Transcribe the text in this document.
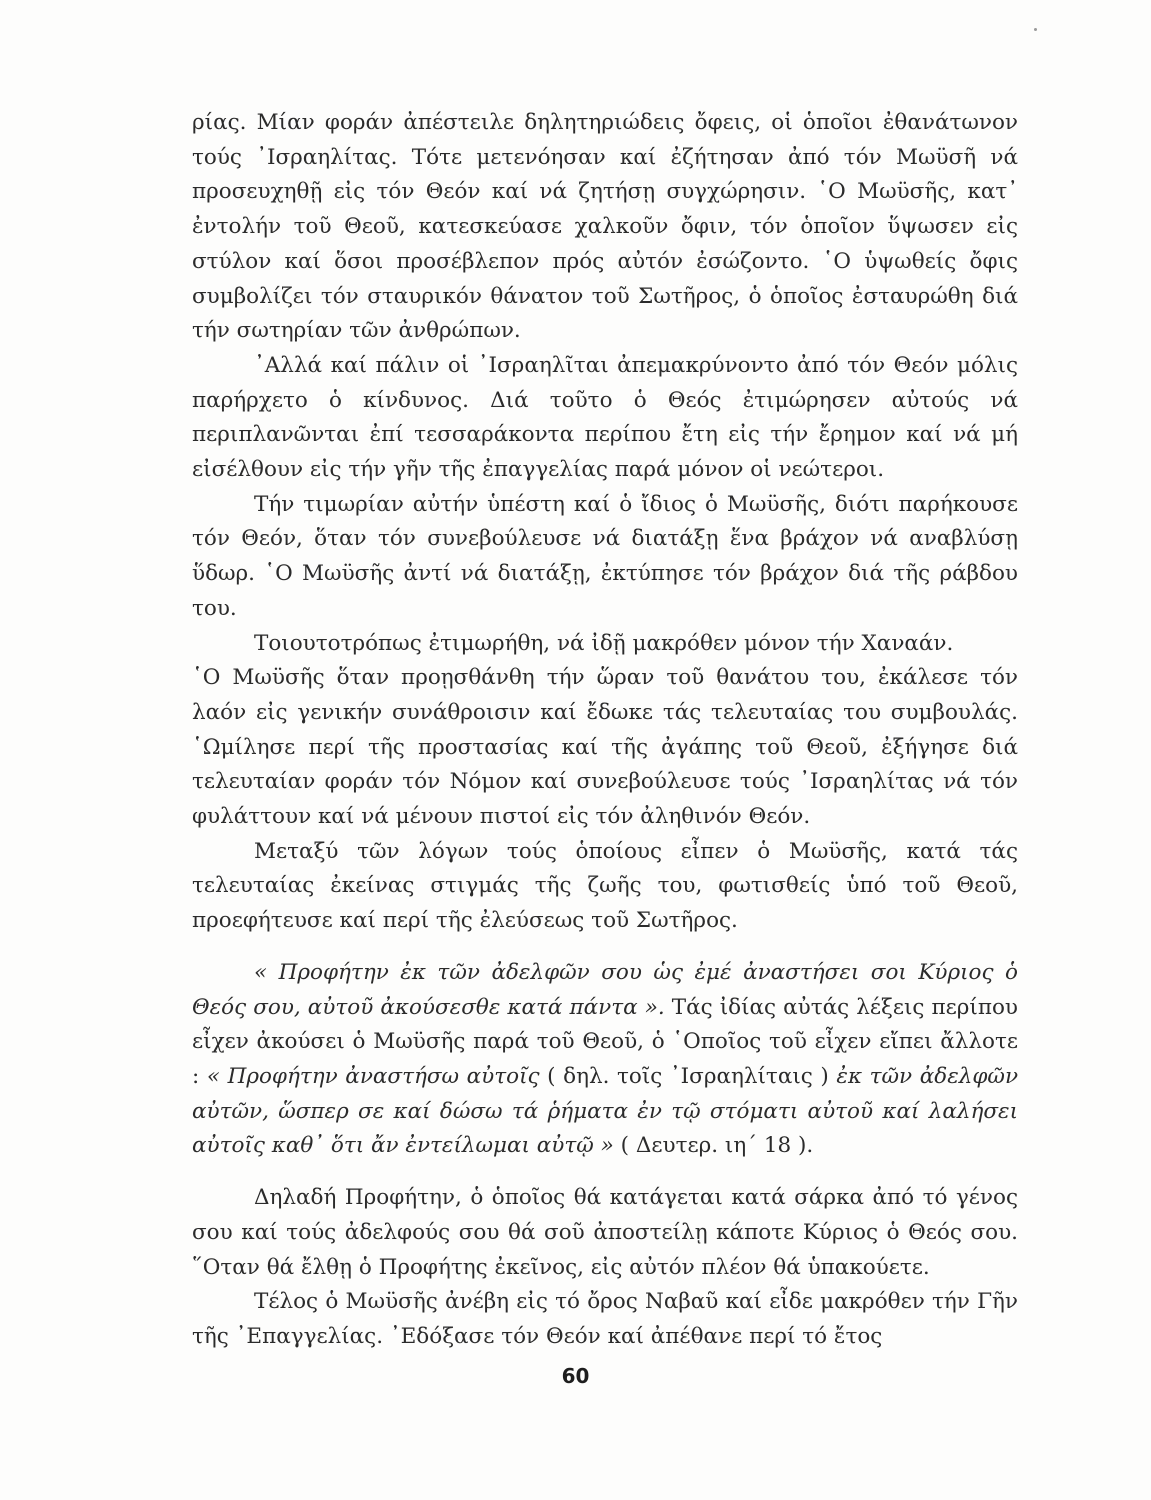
ρίας. Μίαν φοράν ἀπέστειλε δηλητηριώδεις ὄφεις, οἱ ὁποῖοι ἐθανάτωνον τούς ᾿Ισραηλίτας. Τότε μετενόησαν καί ἐζήτησαν ἀπό τόν Μωϋσῆ νά προσευχηθῇ εἰς τόν Θεόν καί νά ζητήσῃ συγχώρησιν. ῾Ο Μωϋσῆς, κατ᾿ ἐντολήν τοῦ Θεοῦ, κατεσκεύασε χαλκοῦν ὄφιν, τόν ὁποῖον ὕψωσεν εἰς στύλον καί ὅσοι προσέβλεπον πρός αὐτόν ἐσώζοντο. ῾Ο ὑψωθείς ὄφις συμβολίζει τόν σταυρικόν θάνατον τοῦ Σωτῆρος, ὁ ὁποῖος ἐσταυρώθη διά τήν σωτηρίαν τῶν ἀνθρώπων.

᾿Αλλά καί πάλιν οἱ ᾿Ισραηλῖται ἀπεμακρύνοντο ἀπό τόν Θεόν μόλις παρήρχετο ὁ κίνδυνος. Διά τοῦτο ὁ Θεός ἐτιμώρησεν αὐτούς νά περιπλανῶνται ἐπί τεσσαράκοντα περίπου ἔτη εἰς τήν ἔρημον καί νά μή εἰσέλθουν εἰς τήν γῆν τῆς ἐπαγγελίας παρά μόνον οἱ νεώτεροι.

Τήν τιμωρίαν αὐτήν ὑπέστη καί ὁ ἴδιος ὁ Μωϋσῆς, διότι παρήκουσε τόν Θεόν, ὅταν τόν συνεβούλευσε νά διατάξῃ ἕνα βράχον νά αναβλύσῃ ὕδωρ. ῾Ο Μωϋσῆς ἀντί νά διατάξῃ, ἐκτύπησε τόν βράχον διά τῆς ράβδου του.

Τοιουτοτρόπως ἐτιμωρήθη, νά ἰδῇ μακρόθεν μόνον τήν Χαναάν.

῾Ο Μωϋσῆς ὅταν προῃσθάνθη τήν ὥραν τοῦ θανάτου του, ἐκάλεσε τόν λαόν εἰς γενικήν συνάθροισιν καί ἔδωκε τάς τελευταίας του συμβουλάς. ῾Ωμίλησε περί τῆς προστασίας καί τῆς ἀγάπης τοῦ Θεοῦ, ἐξήγησε διά τελευταίαν φοράν τόν Νόμον καί συνεβούλευσε τούς ᾿Ισραηλίτας νά τόν φυλάττουν καί νά μένουν πιστοί εἰς τόν ἀληθινόν Θεόν.

Μεταξύ τῶν λόγων τούς ὁποίους εἶπεν ὁ Μωϋσῆς, κατά τάς τελευταίας ἐκείνας στιγμάς τῆς ζωῆς του, φωτισθείς ὑπό τοῦ Θεοῦ, προεφήτευσε καί περί τῆς ἐλεύσεως τοῦ Σωτῆρος.

« Προφήτην ἐκ τῶν ἀδελφῶν σου ὡς ἐμέ ἀναστήσει σοι Κύριος ὁ Θεός σου, αὐτοῦ ἀκούσεσθε κατά πάντα ». Τάς ἰδίας αὐτάς λέξεις περίπου εἶχεν ἀκούσει ὁ Μωϋσῆς παρά τοῦ Θεοῦ, ὁ ῾Οποῖος τοῦ εἶχεν εἴπει ἄλλοτε : « Προφήτην ἀναστήσω αὐτοῖς ( δηλ. τοῖς ᾿Ισραηλίταις ) ἐκ τῶν ἀδελφῶν αὐτῶν, ὥσπερ σε καί δώσω τά ῥήματα ἐν τῷ στόματι αὐτοῦ καί λαλήσει αὐτοῖς καθ᾿ ὅτι ἄν ἐντείλωμαι αὐτῷ » ( Δευτερ. ιη΄ 18 ).

Δηλαδή Προφήτην, ὁ ὁποῖος θά κατάγεται κατά σάρκα ἀπό τό γένος σου καί τούς ἀδελφούς σου θά σοῦ ἀποστείλῃ κάποτε Κύριος ὁ Θεός σου. ῞Οταν θά ἔλθῃ ὁ Προφήτης ἐκεῖνος, εἰς αὐτόν πλέον θά ὑπακούετε.

Τέλος ὁ Μωϋσῆς ἀνέβη εἰς τό ὄρος Ναβαῦ καί εἶδε μακρόθεν τήν Γῆν τῆς ᾿Επαγγελίας. ᾿Εδόξασε τόν Θεόν καί ἀπέθανε περί τό ἔτος

60
